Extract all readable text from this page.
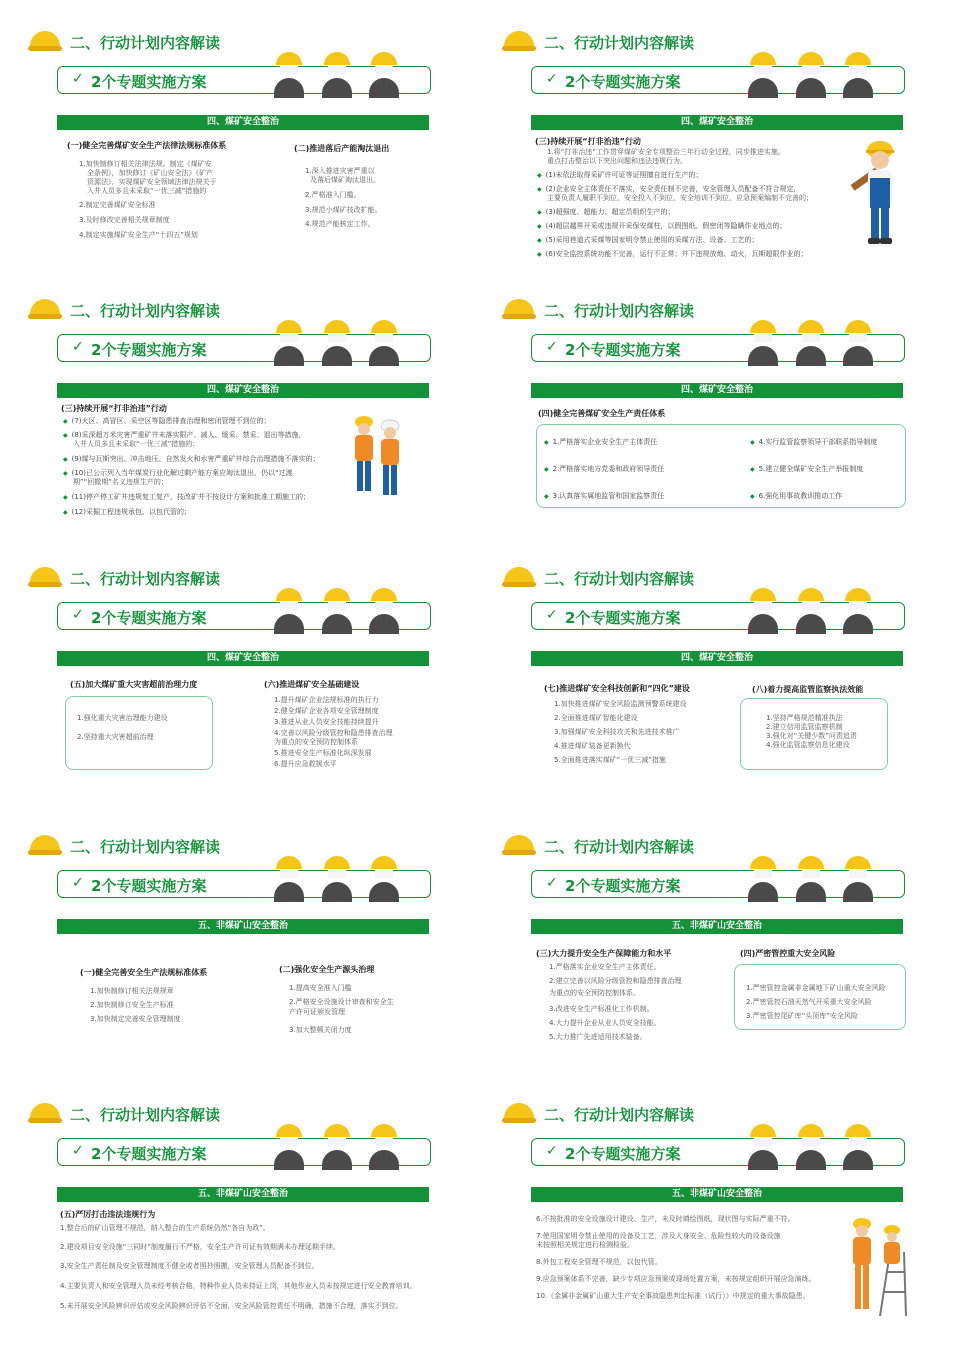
二、行动计划内容解读
✓ 2个专题实施方案
四、煤矿安全整治
(一)健全完善煤矿安全生产法律法规标准体系
1.加快制修订相关法律法规。制定《煤矿安
全条例》，加快修订《矿山安全法》《矿产
资源法》，实现煤矿安全领域法律法规关于
入井人员多且未采取“一优三减”措施的
2.制定完善煤矿安全标准
3.及时修改完善相关规章制度
4.制定实施煤矿安全生产“十四五”规划
(二)推进落后产能淘汰退出
1.深入推进灾害严重以
及落后煤矿淘汰退出。
2.严格准入门槛。
3.规范小煤矿技改扩能。
4.规范产能核定工作。
二、行动计划内容解读
✓ 2个专题实施方案
四、煤矿安全整治
(三)持续开展“打非治违”行动
1.将“打非治违”工作贯穿煤矿安全专项整治三年行动全过程，同步推进实施。
重点打击整治以下突出问题和违法违规行为。
◆ (1)未依法取得采矿许可证等证照擅自进行生产的；
◆ (2)企业安全主体责任不落实，安全责任制不完善，安全管理人员配备不符合规定，
主要负责人履职不到位，安全投入不到位，安全培训不到位，应急预案编制不完善的；
◆ (3)超强度、超能力、超定员组织生产的；
◆ (4)超层越界开采或违规开采保安煤柱，以假图纸、假密闭等隐瞒作业地点的；
◆ (5)采用巷道式采煤等国家明令禁止使用的采煤方法、设备、工艺的；
◆ (6)安全监控系统功能不完善，运行不正常；井下违规放炮、动火，瓦斯超限作业的；
二、行动计划内容解读
✓ 2个专题实施方案
四、煤矿安全整治
(三)持续开展“打非治违”行动
◆ (7)火区、高冒区、采空区等隐患排查治理和密闭管理不到位的；
◆ (8)采深超万米灾害严重矿井未落实限产、减人、缓采、禁采、退出等措施，
入井人员多且未采取“一优三减”措施的；
◆ (9)煤与瓦斯突出、冲击地压、自然发火和水害严重矿井综合治理措施不落实的；
◆ (10)已公示列入当年煤炭行业化解过剩产能方案应淘汰退出，仍以“过渡
期”“回撤期”名义违规生产的；
◆ (11)停产停工矿井违规复工复产，技改矿井不按设计方案和批准工期施工的；
◆ (12)采掘工程违规承包、以包代管的；
二、行动计划内容解读
✓ 2个专题实施方案
四、煤矿安全整治
(四)健全完善煤矿安全生产责任体系
◆ 1.严格落实企业安全生产主体责任
◆ 2.严格落实地方党委和政府领导责任
◆ 3.认真落实属地监管和国家监察责任
◆ 4.实行监管监察领导干部联系指导制度
◆ 5.建立健全煤矿安全生产举报制度
◆ 6.强化用事故教训推动工作
二、行动计划内容解读
✓ 2个专题实施方案
四、煤矿安全整治
(五)加大煤矿重大灾害超前治理力度
1.强化重大灾害治理能力建设
2.坚持重大灾害超前治理
(六)推进煤矿安全基础建设
1.提升煤矿企业法规标准的执行力
2.健全煤矿企业各项安全管理制度
3.推进从业人员安全技能持续提升
4.完善以风险分级管控和隐患排查治理
为重点的安全预防控制体系
5.推进安全生产标准化纵深发展
6.提升应急救援水平
二、行动计划内容解读
✓ 2个专题实施方案
四、煤矿安全整治
(七)推进煤矿安全科技创新和“四化”建设
1.加快推进煤矿安全风险监测预警系统建设
2.全面推进煤矿智能化建设
3.加强煤矿安全科技攻关和先进技术推广
4.推进煤矿装备更新换代
5.全面推进落实煤矿“一优三减”措施
(八)着力提高监管监察执法效能
1.坚持严格规范精准执法
2.建立信用监管监察机制
3.强化对“关键少数”问责追责
4.强化监管监察信息化建设
二、行动计划内容解读
✓ 2个专题实施方案
五、非煤矿山安全整治
(一)健全完善安全生产法规标准体系
1.加快制修订相关法规规章
2.加快制修订安全生产标准
3.加快制定完善安全管理制度
(二)强化安全生产源头治理
1.提高安全准入门槛
2.严格安全设施设计审查和安全生
产许可证颁发管理
3.加大整顿关闭力度
二、行动计划内容解读
✓ 2个专题实施方案
五、非煤矿山安全整治
(三)大力提升安全生产保障能力和水平
1.严格落实企业安全生产主体责任。
2.建立完善以风险分级管控和隐患排查治理
为重点的安全预防控制体系。
3.改进安全生产标准化工作机制。
4.大力提升企业从业人员安全技能。
5.大力推广先进适用技术装备。
(四)严密管控重大安全风险
1.严密管控金属非金属地下矿山重大安全风险
2.严密管控石油天然气开采重大安全风险
3.严密管控尾矿库“头顶库”安全风险
二、行动计划内容解读
✓ 2个专题实施方案
五、非煤矿山安全整治
(五)严厉打击违法违规行为
1.整合后的矿山管理不规范，纳入整合的生产系统仍然“各自为政”。
2.建设项目安全设施“三同时”制度履行不严格，安全生产许可证有效期满未办理延期手续。
3.安全生产责任制及安全管理制度不健全或者照抄照搬，安全管理人员配备不到位。
4.主要负责人和安全管理人员未经考核合格，特种作业人员未持证上岗，其他作业人员未按规定进行安全教育培训。
5.未开展安全风险辨识评估或安全风险辨识评估不全面，安全风险管控责任不明确，措施不合理，落实不到位。
二、行动计划内容解读
✓ 2个专题实施方案
五、非煤矿山安全整治
6.不按批准的安全设施设计建设、生产，未及时填绘图纸，现状图与实际严重不符。
7.使用国家明令禁止使用的设备及工艺，涉及人身安全、危险性较大的设备设施
未按照相关规定进行检测检验。
8.外包工程安全管理不规范，以包代管。
9.应急预案体系不完善，缺少专项应急预案或现场处置方案，未按规定组织开展应急演练。
10.《金属非金属矿山重大生产安全事故隐患判定标准（试行）》中规定的重大事故隐患。
